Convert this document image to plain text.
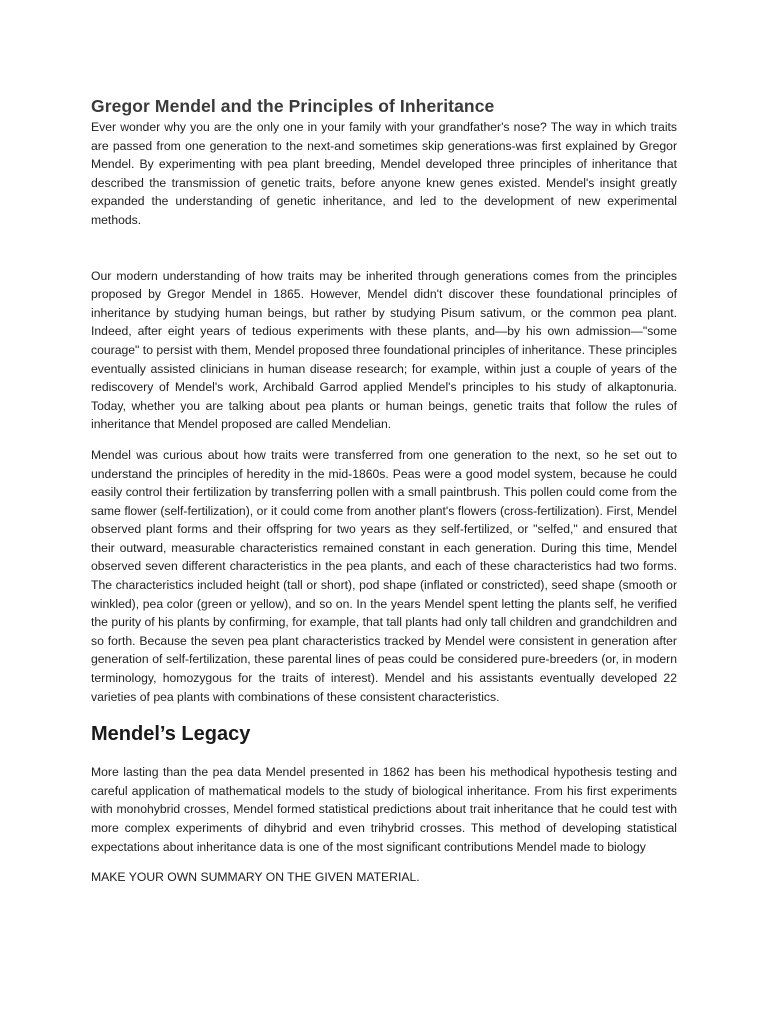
Gregor Mendel and the Principles of Inheritance

Ever wonder why you are the only one in your family with your grandfather's nose? The way in which traits are passed from one generation to the next-and sometimes skip generations-was first explained by Gregor Mendel. By experimenting with pea plant breeding, Mendel developed three principles of inheritance that described the transmission of genetic traits, before anyone knew genes existed. Mendel's insight greatly expanded the understanding of genetic inheritance, and led to the development of new experimental methods.

Our modern understanding of how traits may be inherited through generations comes from the principles proposed by Gregor Mendel in 1865. However, Mendel didn't discover these foundational principles of inheritance by studying human beings, but rather by studying Pisum sativum, or the common pea plant. Indeed, after eight years of tedious experiments with these plants, and—by his own admission—"some courage" to persist with them, Mendel proposed three foundational principles of inheritance. These principles eventually assisted clinicians in human disease research; for example, within just a couple of years of the rediscovery of Mendel's work, Archibald Garrod applied Mendel's principles to his study of alkaptonuria. Today, whether you are talking about pea plants or human beings, genetic traits that follow the rules of inheritance that Mendel proposed are called Mendelian.

Mendel was curious about how traits were transferred from one generation to the next, so he set out to understand the principles of heredity in the mid-1860s. Peas were a good model system, because he could easily control their fertilization by transferring pollen with a small paintbrush. This pollen could come from the same flower (self-fertilization), or it could come from another plant's flowers (cross-fertilization). First, Mendel observed plant forms and their offspring for two years as they self-fertilized, or "selfed," and ensured that their outward, measurable characteristics remained constant in each generation. During this time, Mendel observed seven different characteristics in the pea plants, and each of these characteristics had two forms. The characteristics included height (tall or short), pod shape (inflated or constricted), seed shape (smooth or winkled), pea color (green or yellow), and so on. In the years Mendel spent letting the plants self, he verified the purity of his plants by confirming, for example, that tall plants had only tall children and grandchildren and so forth. Because the seven pea plant characteristics tracked by Mendel were consistent in generation after generation of self-fertilization, these parental lines of peas could be considered pure-breeders (or, in modern terminology, homozygous for the traits of interest). Mendel and his assistants eventually developed 22 varieties of pea plants with combinations of these consistent characteristics.

Mendel’s Legacy

More lasting than the pea data Mendel presented in 1862 has been his methodical hypothesis testing and careful application of mathematical models to the study of biological inheritance. From his first experiments with monohybrid crosses, Mendel formed statistical predictions about trait inheritance that he could test with more complex experiments of dihybrid and even trihybrid crosses. This method of developing statistical expectations about inheritance data is one of the most significant contributions Mendel made to biology

MAKE YOUR OWN SUMMARY ON THE GIVEN MATERIAL.
